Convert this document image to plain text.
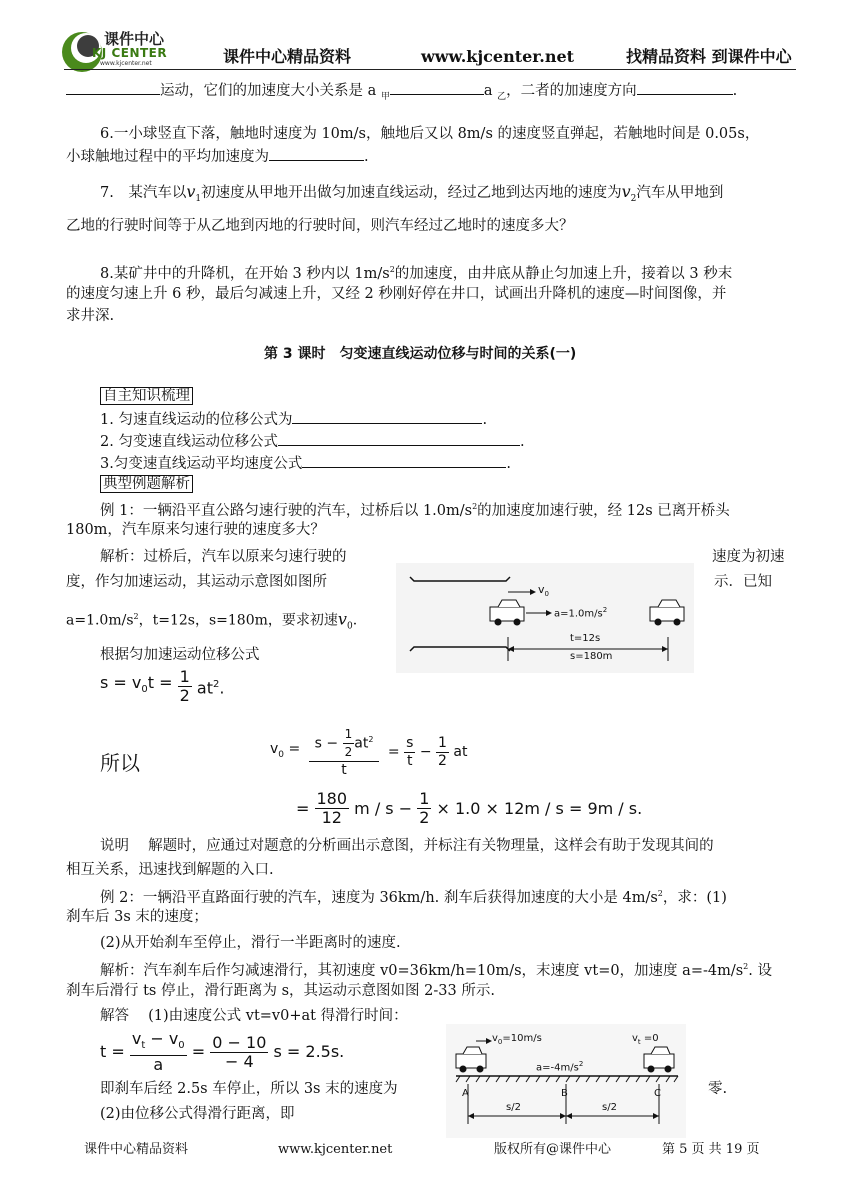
课件中心
KJ CENTER
www.kjcenter.net	课件中心精品资料	www.kjcenter.net	找精品资料 到课件中心
运动，它们的加速度大小关系是 a $_甲$	a $_乙$，二者的加速度方向	.
6.一小球竖直下落，触地时速度为 10m/s，触地后又以 8m/s 的速度竖直弹起，若触地时间是 0.05s，
小球触地过程中的平均加速度为	.
7.　某汽车以$v_1$初速度从甲地开出做匀加速直线运动，经过乙地到达丙地的速度为$v_2$汽车从甲地到
乙地的行驶时间等于从乙地到丙地的行驶时间，则汽车经过乙地时的速度多大？
8.某矿井中的升降机，在开始 3 秒内以 $1m/s^2$的加速度，由井底从静止匀加速上升，接着以 3 秒末
的速度匀速上升 6 秒，最后匀减速上升，又经 2 秒刚好停在井口，试画出升降机的速度—时间图像，并
求井深.
第 3 课时　匀变速直线运动位移与时间的关系(一)
自主知识梳理
1. 匀速直线运动的位移公式为	.
2. 匀变速直线运动位移公式	.
3.匀变速直线运动平均速度公式	.
典型例题解析
例 1：一辆沿平直公路匀速行驶的汽车，过桥后以 $1.0m/s^2$的加速度加速行驶，经 12s 已离开桥头
180m，汽车原来匀速行驶的速度多大？
解析：过桥后，汽车以原来匀速行驶的	速度为初速
度，作匀加速运动，其运动示意图如图所	示．已知
$a=1.0m/s^2$，t=12s，s=180m，要求初速$v_0$.
$v_0$
$a=1.0m/s^2$
t=12s
s=180m
根据匀加速运动位移公式
$s = v_0t = \frac{1}{2} at^2$.
所以
$v_0 = \frac{s - \frac{1}{2} at^2}{t} = \frac{s}{t} - \frac{1}{2}$ at
= $\frac{180}{12}$ $m / s - \frac{1}{2} \times 1.0 \times 12m / s = 9m / s$.
说明　 解题时，应通过对题意的分析画出示意图，并标注有关物理量，这样会有助于发现其间的
相互关系，迅速找到解题的入口.
例 2：一辆沿平直路面行驶的汽车，速度为 36km/h. 刹车后获得加速度的大小是 $4m/s^2$，求：(1)
刹车后 3s 末的速度；
(2)从开始刹车至停止，滑行一半距离时的速度.
解析：汽车刹车后作匀减速滑行，其初速度 v0=36km/h=10m/s，末速度 vt=0，加速度 $a=-4m/s^2$. 设
刹车后滑行 ts 停止，滑行距离为 s，其运动示意图如图 2-33 所示.
解答　 (1)由速度公式 vt=v0+at 得滑行时间：
$t = \frac{v_t - v_0}{a} = \frac{0 - 10}{- 4}$ s = 2.5s.
即刹车后经 2.5s 车停止，所以 3s 末的速度为	零.
(2)由位移公式得滑行距离，即
$v_0=10m/s$	$v_t =0$
$a=-4m/s^2$
A	B	C
s/2	s/2
课件中心精品资料	www.kjcenter.net	版权所有@课件中心	第 5 页 共 19 页
